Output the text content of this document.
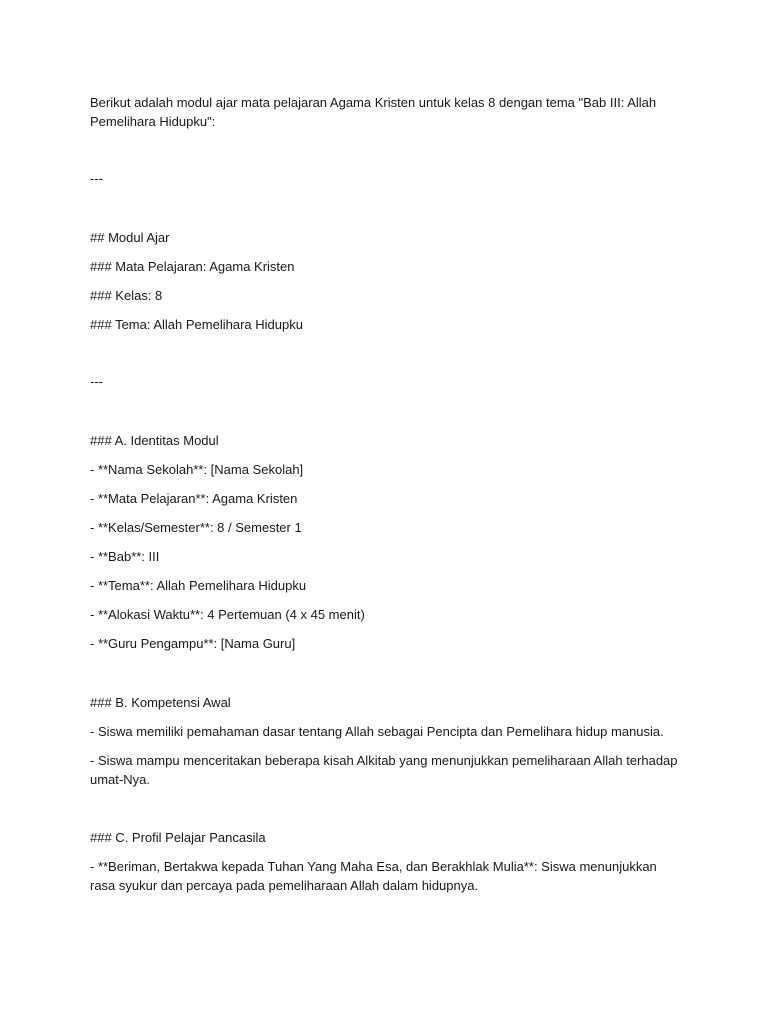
Berikut adalah modul ajar mata pelajaran Agama Kristen untuk kelas 8 dengan tema "Bab III: Allah Pemelihara Hidupku":
---
## Modul Ajar
### Mata Pelajaran: Agama Kristen
### Kelas: 8
### Tema: Allah Pemelihara Hidupku
---
### A. Identitas Modul
- **Nama Sekolah**: [Nama Sekolah]
- **Mata Pelajaran**: Agama Kristen
- **Kelas/Semester**: 8 / Semester 1
- **Bab**: III
- **Tema**: Allah Pemelihara Hidupku
- **Alokasi Waktu**: 4 Pertemuan (4 x 45 menit)
- **Guru Pengampu**: [Nama Guru]
### B. Kompetensi Awal
- Siswa memiliki pemahaman dasar tentang Allah sebagai Pencipta dan Pemelihara hidup manusia.
- Siswa mampu menceritakan beberapa kisah Alkitab yang menunjukkan pemeliharaan Allah terhadap umat-Nya.
### C. Profil Pelajar Pancasila
- **Beriman, Bertakwa kepada Tuhan Yang Maha Esa, dan Berakhlak Mulia**: Siswa menunjukkan rasa syukur dan percaya pada pemeliharaan Allah dalam hidupnya.
